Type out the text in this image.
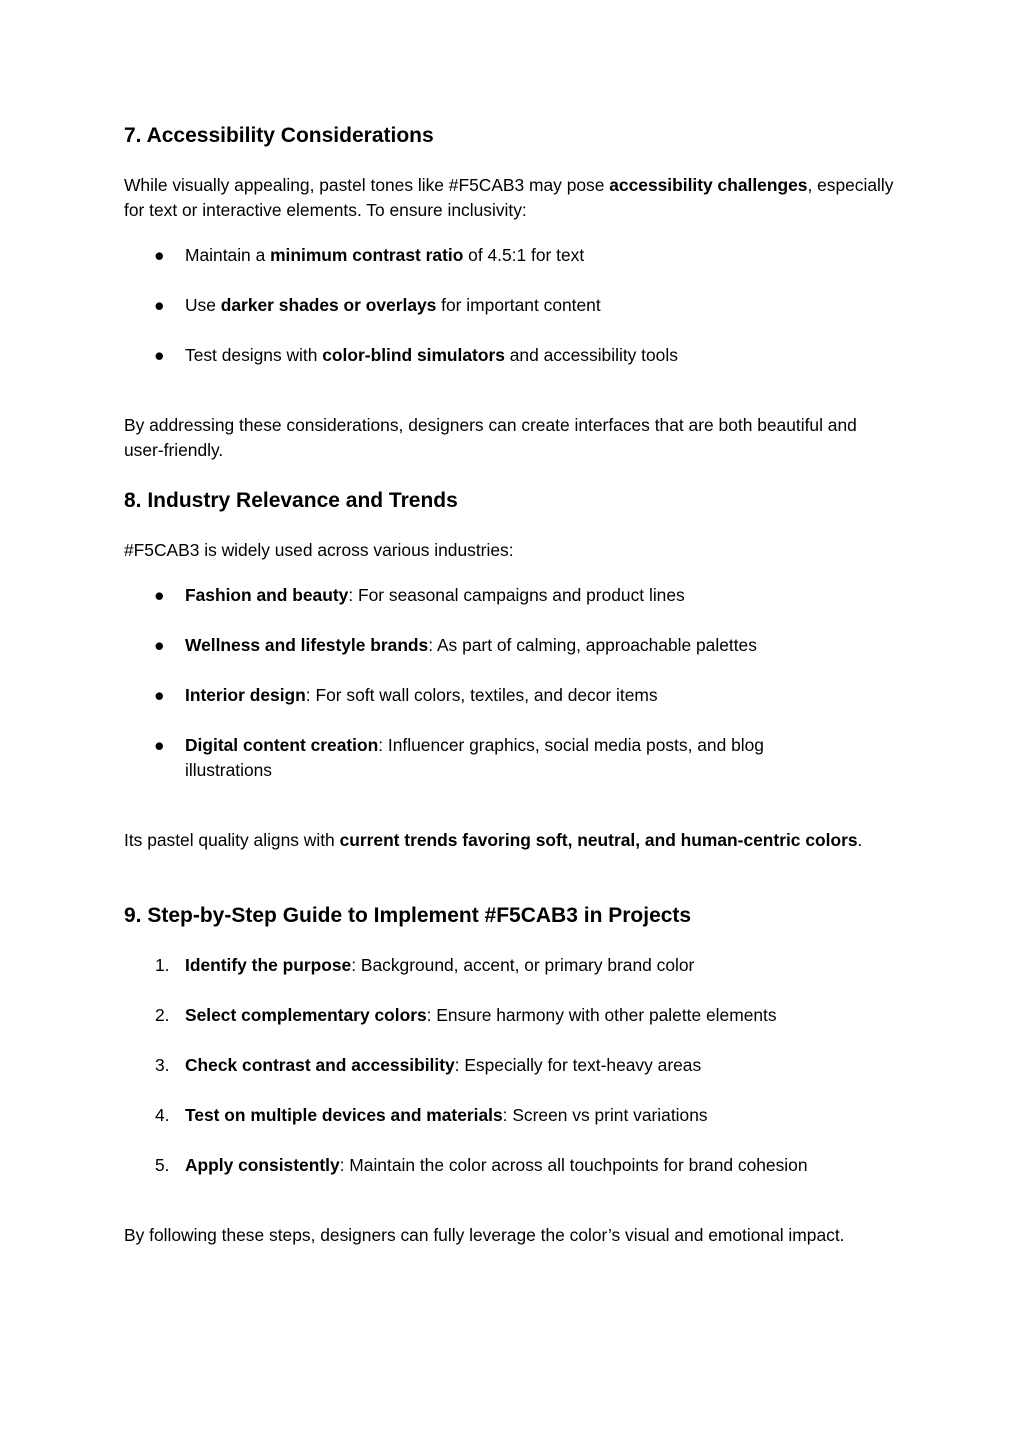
7. Accessibility Considerations

While visually appealing, pastel tones like #F5CAB3 may pose accessibility challenges, especially for text or interactive elements. To ensure inclusivity:

● Maintain a minimum contrast ratio of 4.5:1 for text
● Use darker shades or overlays for important content
● Test designs with color-blind simulators and accessibility tools

By addressing these considerations, designers can create interfaces that are both beautiful and user-friendly.

8. Industry Relevance and Trends

#F5CAB3 is widely used across various industries:

● Fashion and beauty: For seasonal campaigns and product lines
● Wellness and lifestyle brands: As part of calming, approachable palettes
● Interior design: For soft wall colors, textiles, and decor items
● Digital content creation: Influencer graphics, social media posts, and blog illustrations

Its pastel quality aligns with current trends favoring soft, neutral, and human-centric colors.

9. Step-by-Step Guide to Implement #F5CAB3 in Projects
1. Identify the purpose: Background, accent, or primary brand color
2. Select complementary colors: Ensure harmony with other palette elements
3. Check contrast and accessibility: Especially for text-heavy areas
4. Test on multiple devices and materials: Screen vs print variations
5. Apply consistently: Maintain the color across all touchpoints for brand cohesion

By following these steps, designers can fully leverage the color’s visual and emotional impact.
